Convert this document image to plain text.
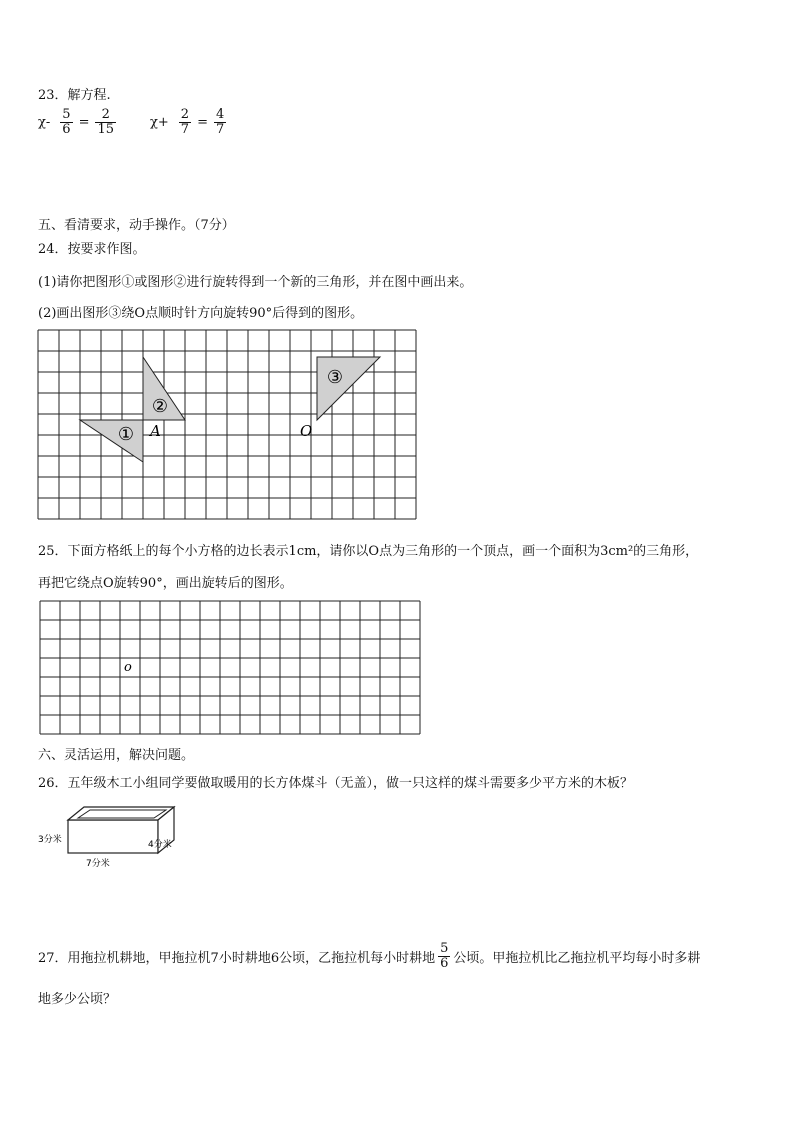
23．解方程.
$\chi- \frac{5}{6} = \frac{2}{15}$	$\chi+ \frac{2}{7} = \frac{4}{7}$
五、看清要求，动手操作。（7分）
24．按要求作图。
(1)请你把图形①或图形②进行旋转得到一个新的三角形，并在图中画出来。
(2)画出图形③绕O点顺时针方向旋转90°后得到的图形。
①
②
③
A	O
25．下面方格纸上的每个小方格的边长表示1cm，请你以O点为三角形的一个顶点，画一个面积为3cm²的三角形，
再把它绕点O旋转90°，画出旋转后的图形。
o
六、灵活运用，解决问题。
26．五年级木工小组同学要做取暖用的长方体煤斗（无盖），做一只这样的煤斗需要多少平方米的木板？
3分米	4分米
7分米
27．用拖拉机耕地，甲拖拉机7小时耕地6公顷，乙拖拉机每小时耕地 $\frac{5}{6}$ 公顷。甲拖拉机比乙拖拉机平均每小时多耕
地多少公顷？
